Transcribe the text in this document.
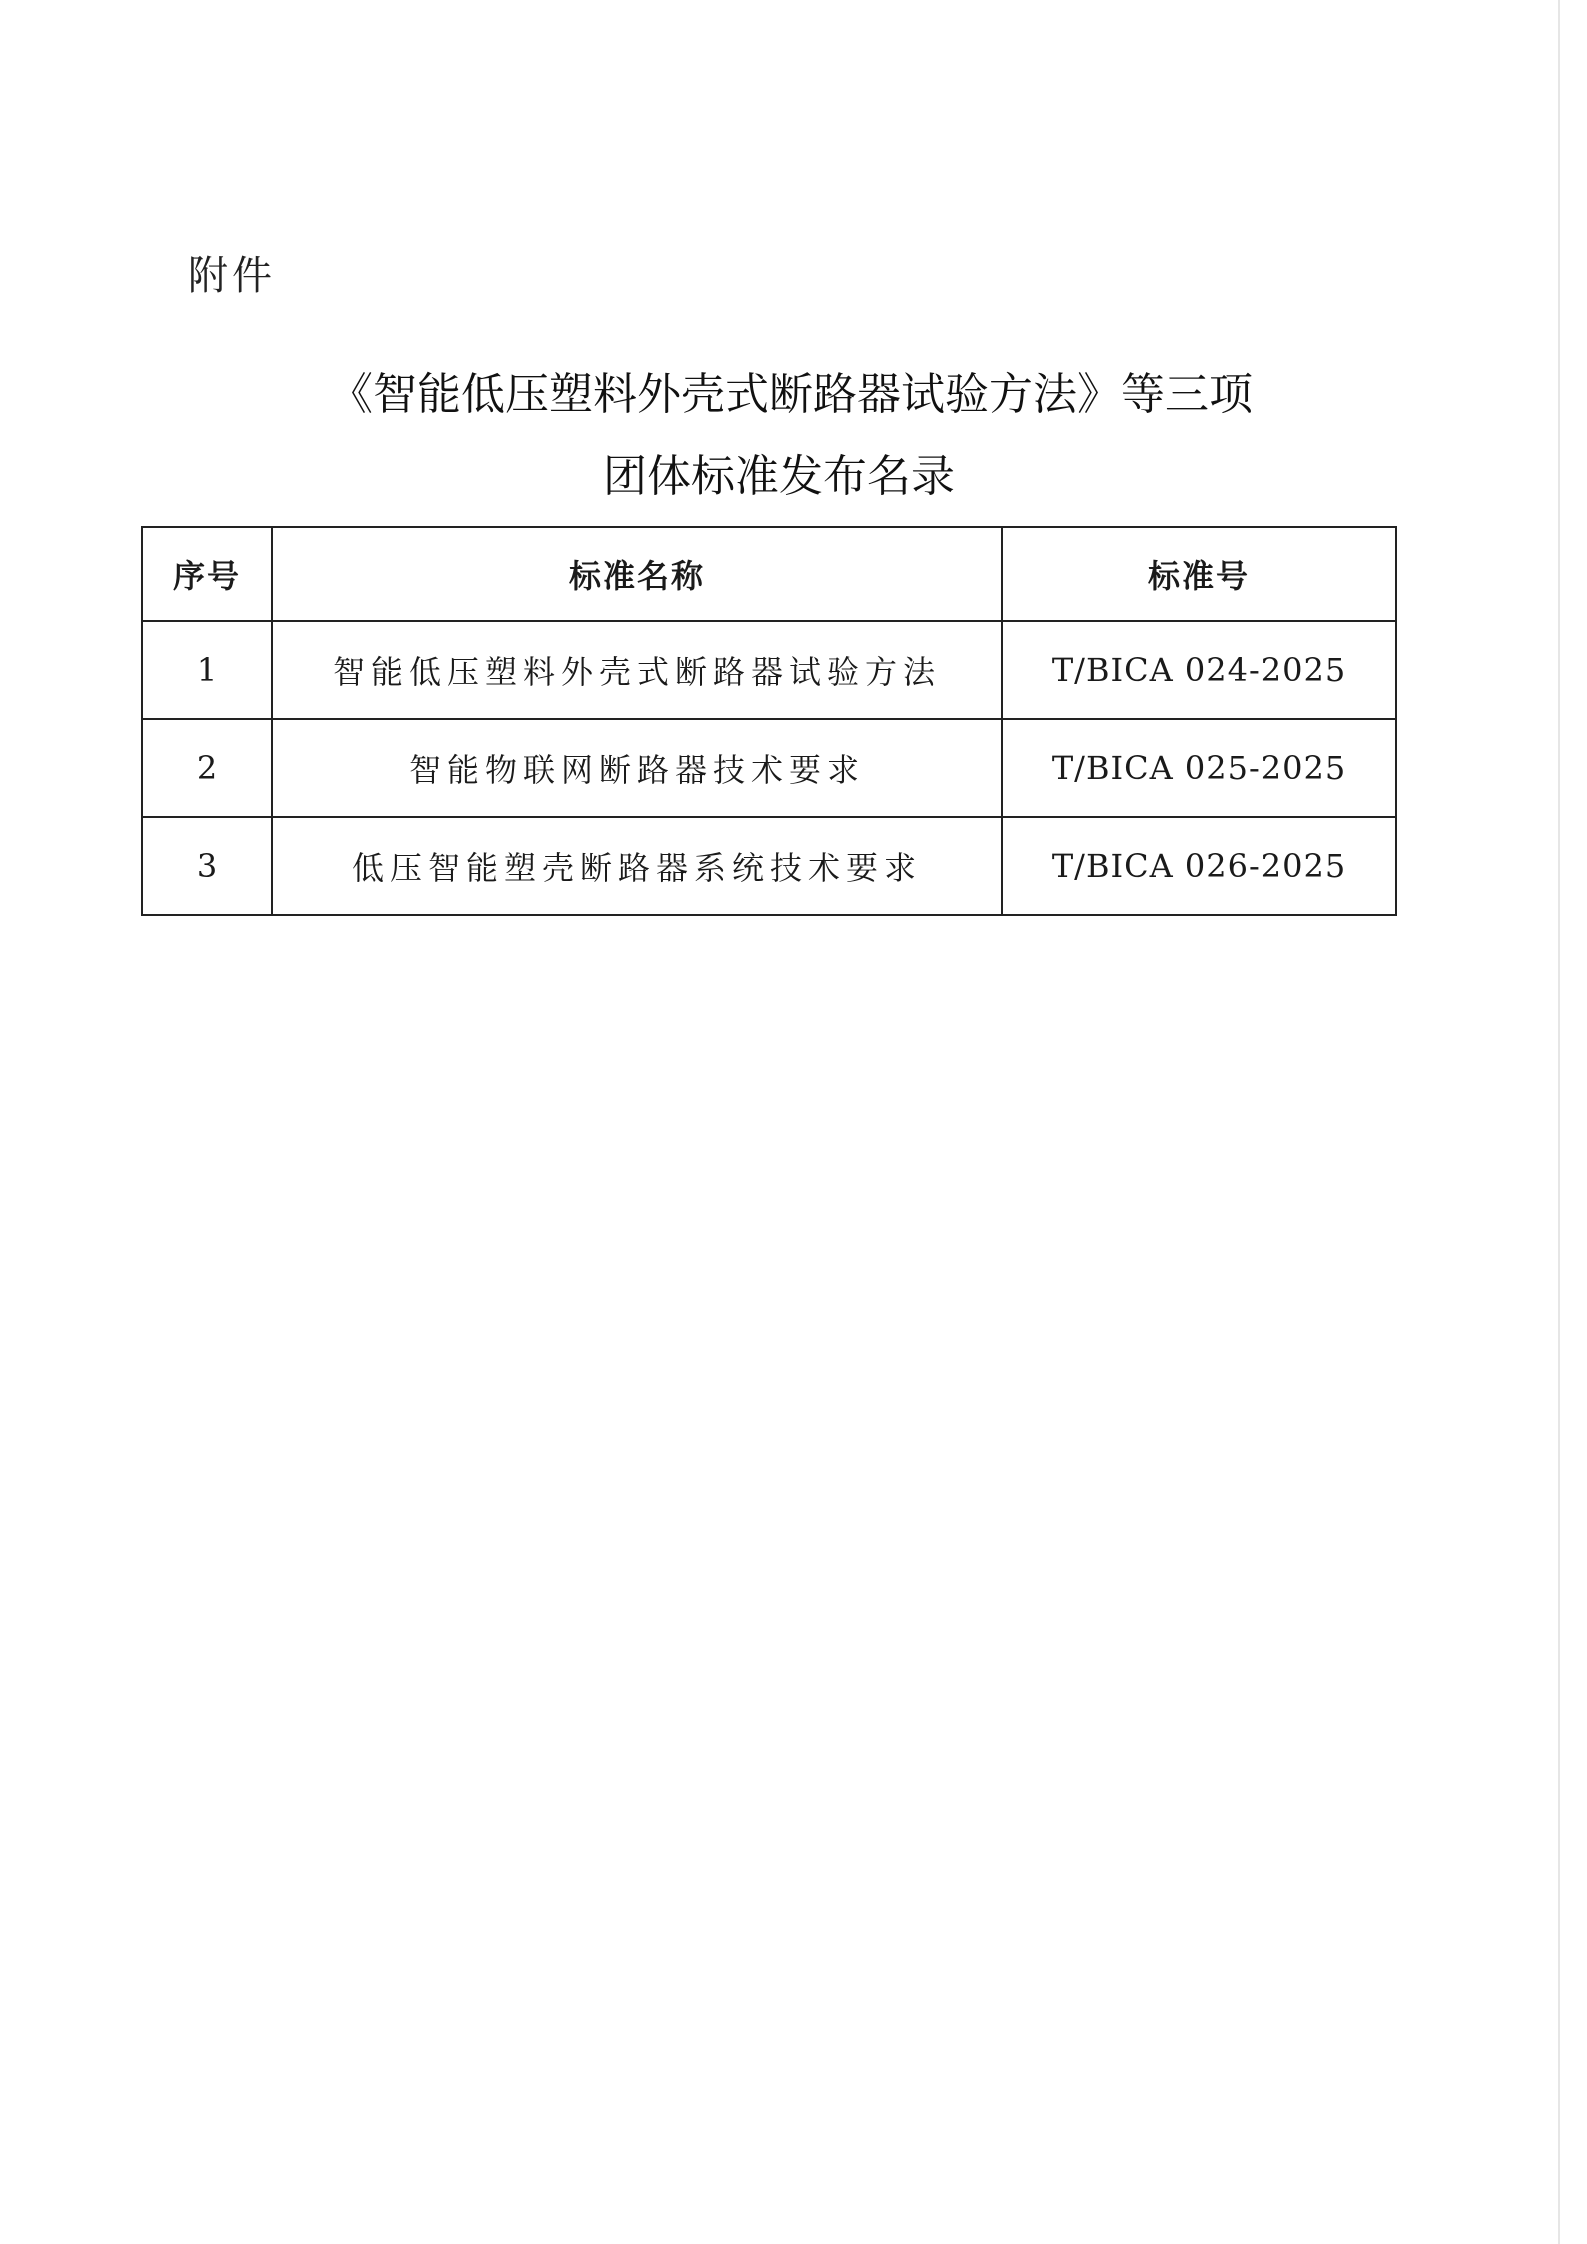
附件
《智能低压塑料外壳式断路器试验方法》等三项
团体标准发布名录
序号	标准名称	标准号
1	智能低压塑料外壳式断路器试验方法	T/BICA 024-2025
2	智能物联网断路器技术要求	T/BICA 025-2025
3	低压智能塑壳断路器系统技术要求	T/BICA 026-2025
